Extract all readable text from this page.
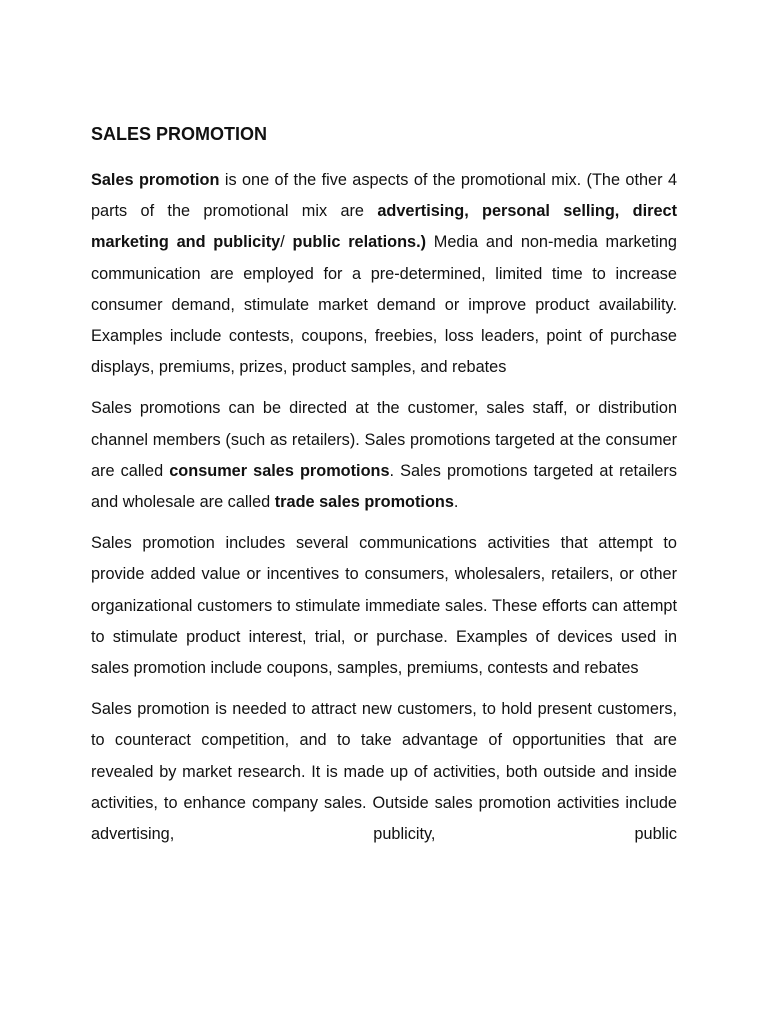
SALES PROMOTION

Sales promotion is one of the five aspects of the promotional mix. (The other 4 parts of the promotional mix are advertising, personal selling, direct marketing and publicity/ public relations.) Media and non-media marketing communication are employed for a pre-determined, limited time to increase consumer demand, stimulate market demand or improve product availability. Examples include contests, coupons, freebies, loss leaders, point of purchase displays, premiums, prizes, product samples, and rebates

Sales promotions can be directed at the customer, sales staff, or distribution channel members (such as retailers). Sales promotions targeted at the consumer are called consumer sales promotions. Sales promotions targeted at retailers and wholesale are called trade sales promotions.

Sales promotion includes several communications activities that attempt to provide added value or incentives to consumers, wholesalers, retailers, or other organizational customers to stimulate immediate sales. These efforts can attempt to stimulate product interest, trial, or purchase. Examples of devices used in sales promotion include coupons, samples, premiums, contests and rebates

Sales promotion is needed to attract new customers, to hold present customers, to counteract competition, and to take advantage of opportunities that are revealed by market research. It is made up of activities, both outside and inside activities, to enhance company sales. Outside sales promotion activities include advertising, publicity, public
